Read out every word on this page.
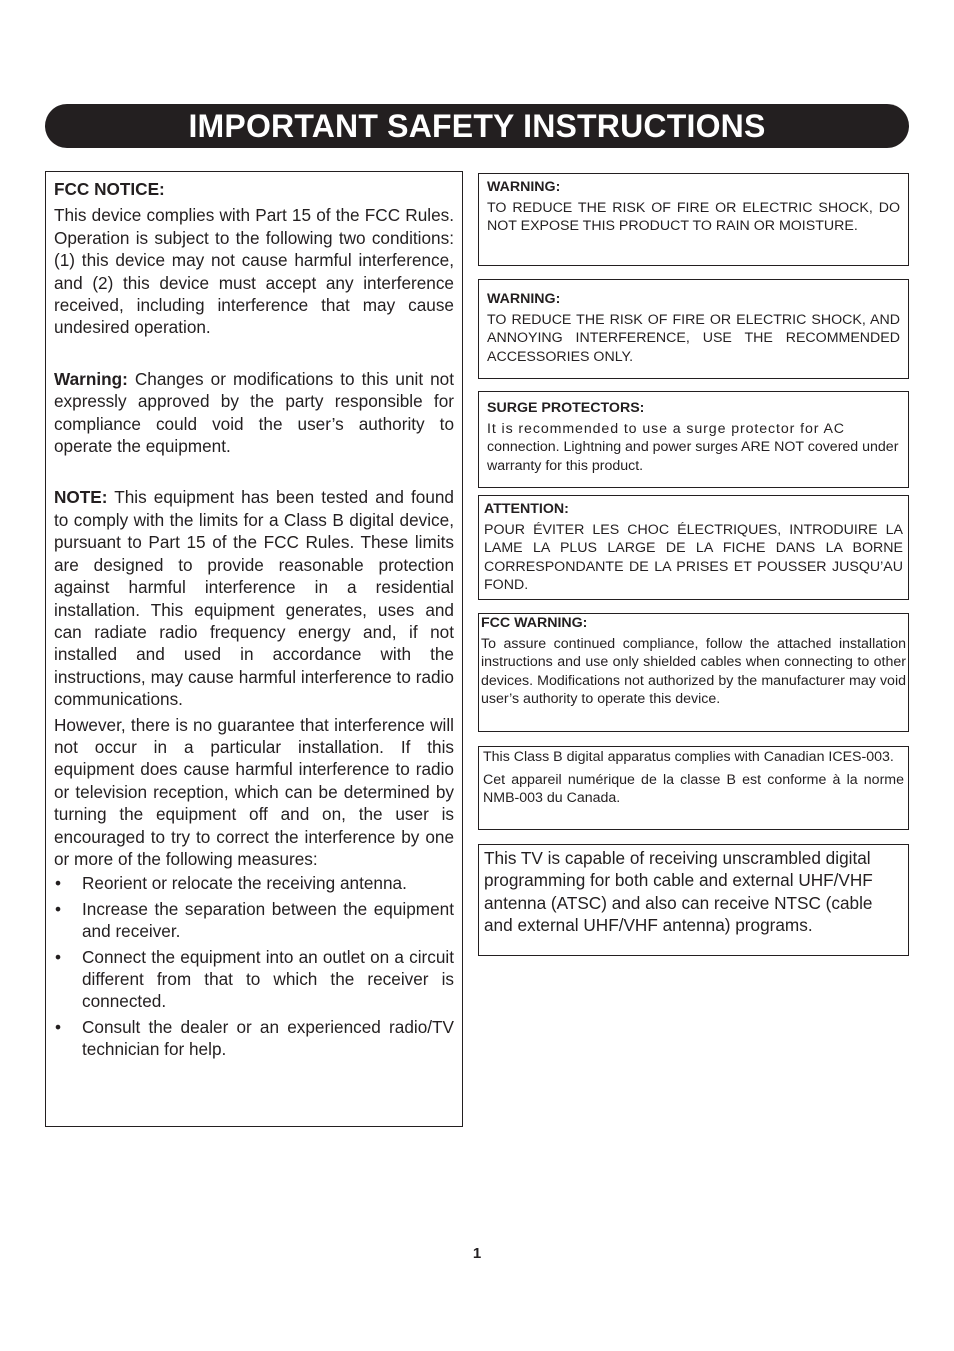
IMPORTANT SAFETY INSTRUCTIONS

FCC NOTICE:

This device complies with Part 15 of the FCC Rules. Operation is subject to the following two conditions: (1) this device may not cause harmful interference, and (2) this device must accept any interference received, including interference that may cause undesired operation.

Warning: Changes or modifications to this unit not expressly approved by the party responsible for compliance could void the user’s authority to operate the equipment.

NOTE: This equipment has been tested and found to comply with the limits for a Class B digital device, pursuant to Part 15 of the FCC Rules. These limits are designed to provide reasonable protection against harmful interference in a residential installation. This equipment generates, uses and can radiate radio frequency energy and, if not installed and used in accordance with the instructions, may cause harmful interference to radio communications.

However, there is no guarantee that interference will not occur in a particular installation. If this equipment does cause harmful interference to radio or television reception, which can be determined by turning the equipment off and on, the user is encouraged to try to correct the interference by one or more of the following measures:

• Reorient or relocate the receiving antenna.
• Increase the separation between the equipment and receiver.
• Connect the equipment into an outlet on a circuit different from that to which the receiver is connected.
• Consult the dealer or an experienced radio/TV technician for help.

WARNING:

TO REDUCE THE RISK OF FIRE OR ELECTRIC SHOCK, DO NOT EXPOSE THIS PRODUCT TO RAIN OR MOISTURE.

WARNING:

TO REDUCE THE RISK OF FIRE OR ELECTRIC SHOCK, AND ANNOYING INTERFERENCE, USE THE RECOMMENDED ACCESSORIES ONLY.

SURGE PROTECTORS:

It is recommended to use a surge protector for AC

connection. Lightning and power surges ARE NOT covered under warranty for this product.

ATTENTION:

POUR ÉVITER LES CHOC ÉLECTRIQUES, INTRODUIRE LA LAME LA PLUS LARGE DE LA FICHE DANS LA BORNE CORRESPONDANTE DE LA PRISES ET POUSSER JUSQU’AU FOND.

FCC WARNING:

To assure continued compliance, follow the attached installation instructions and use only shielded cables when connecting to other devices. Modifications not authorized by the manufacturer may void user’s authority to operate this device.

This Class B digital apparatus complies with Canadian ICES-003.

Cet appareil numérique de la classe B est conforme à la norme NMB-003 du Canada.

This TV is capable of receiving unscrambled digital programming for both cable and external UHF/VHF antenna (ATSC) and also can receive NTSC (cable and external UHF/VHF antenna) programs.

1
